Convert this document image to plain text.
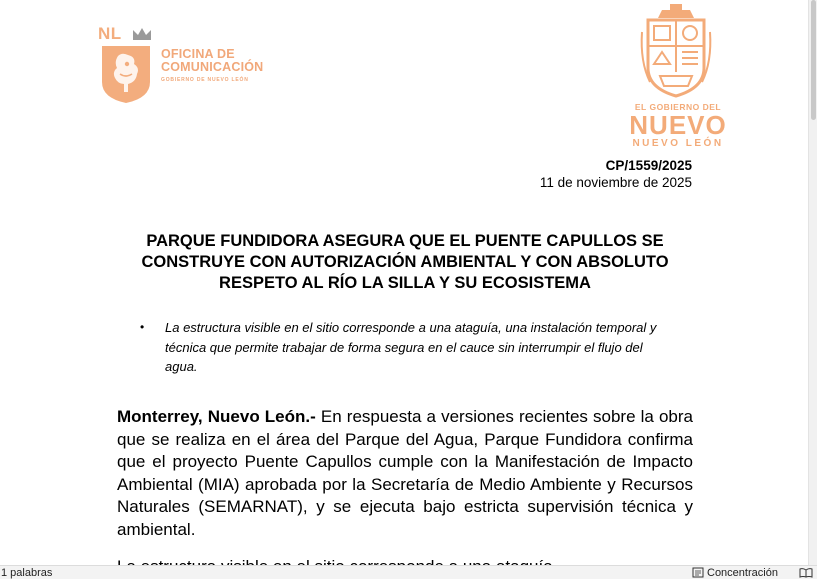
NL
OFICINA DE
COMUNICACIÓN
GOBIERNO DE NUEVO LEÓN
EL GOBIERNO DEL
NUEVO
NUEVO LEÓN
CP/1559/2025
11 de noviembre de 2025
PARQUE FUNDIDORA ASEGURA QUE EL PUENTE CAPULLOS SE CONSTRUYE CON AUTORIZACIÓN AMBIENTAL Y CON ABSOLUTO RESPETO AL RÍO LA SILLA Y SU ECOSISTEMA
• La estructura visible en el sitio corresponde a una ataguía, una instalación temporal y técnica que permite trabajar de forma segura en el cauce sin interrumpir el flujo del agua.
Monterrey, Nuevo León.- En respuesta a versiones recientes sobre la obra que se realiza en el área del Parque del Agua, Parque Fundidora confirma que el proyecto Puente Capullos cumple con la Manifestación de Impacto Ambiental (MIA) aprobada por la Secretaría de Medio Ambiente y Recursos Naturales (SEMARNAT), y se ejecuta bajo estricta supervisión técnica y ambiental.
1 palabras	Concentración
